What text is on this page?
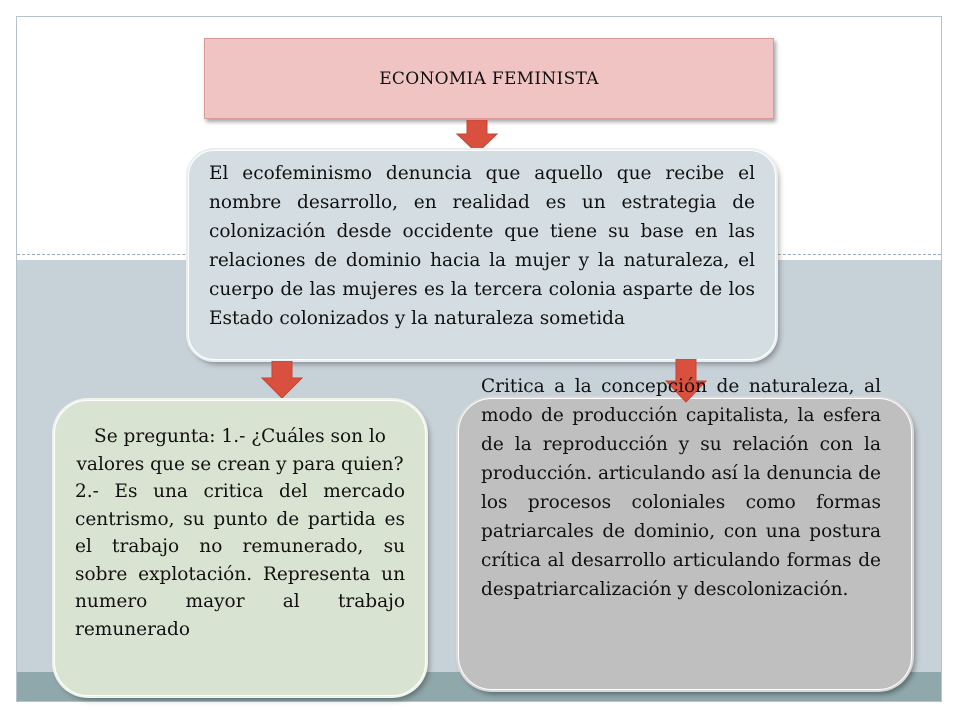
ECONOMIA FEMINISTA
El ecofeminismo denuncia que aquello que recibe el nombre desarrollo, en realidad es un estrategia de colonización desde occidente que tiene su base en las relaciones de dominio hacia la mujer y la naturaleza, el cuerpo de las mujeres es la tercera colonia asparte de los Estado colonizados y la naturaleza sometida
Se pregunta: 1.- ¿Cuáles son lo valores que se crean y para quien?
2.- Es una critica del mercado centrismo, su punto de partida es el trabajo no remunerado, su sobre explotación. Representa un numero mayor al trabajo remunerado
Critica a la concepción de naturaleza, al modo de producción capitalista, la esfera de la reproducción y su relación con la producción. articulando así la denuncia de los procesos coloniales como formas patriarcales de dominio, con una postura crítica al desarrollo articulando formas de despatriarcalización y descolonización.
